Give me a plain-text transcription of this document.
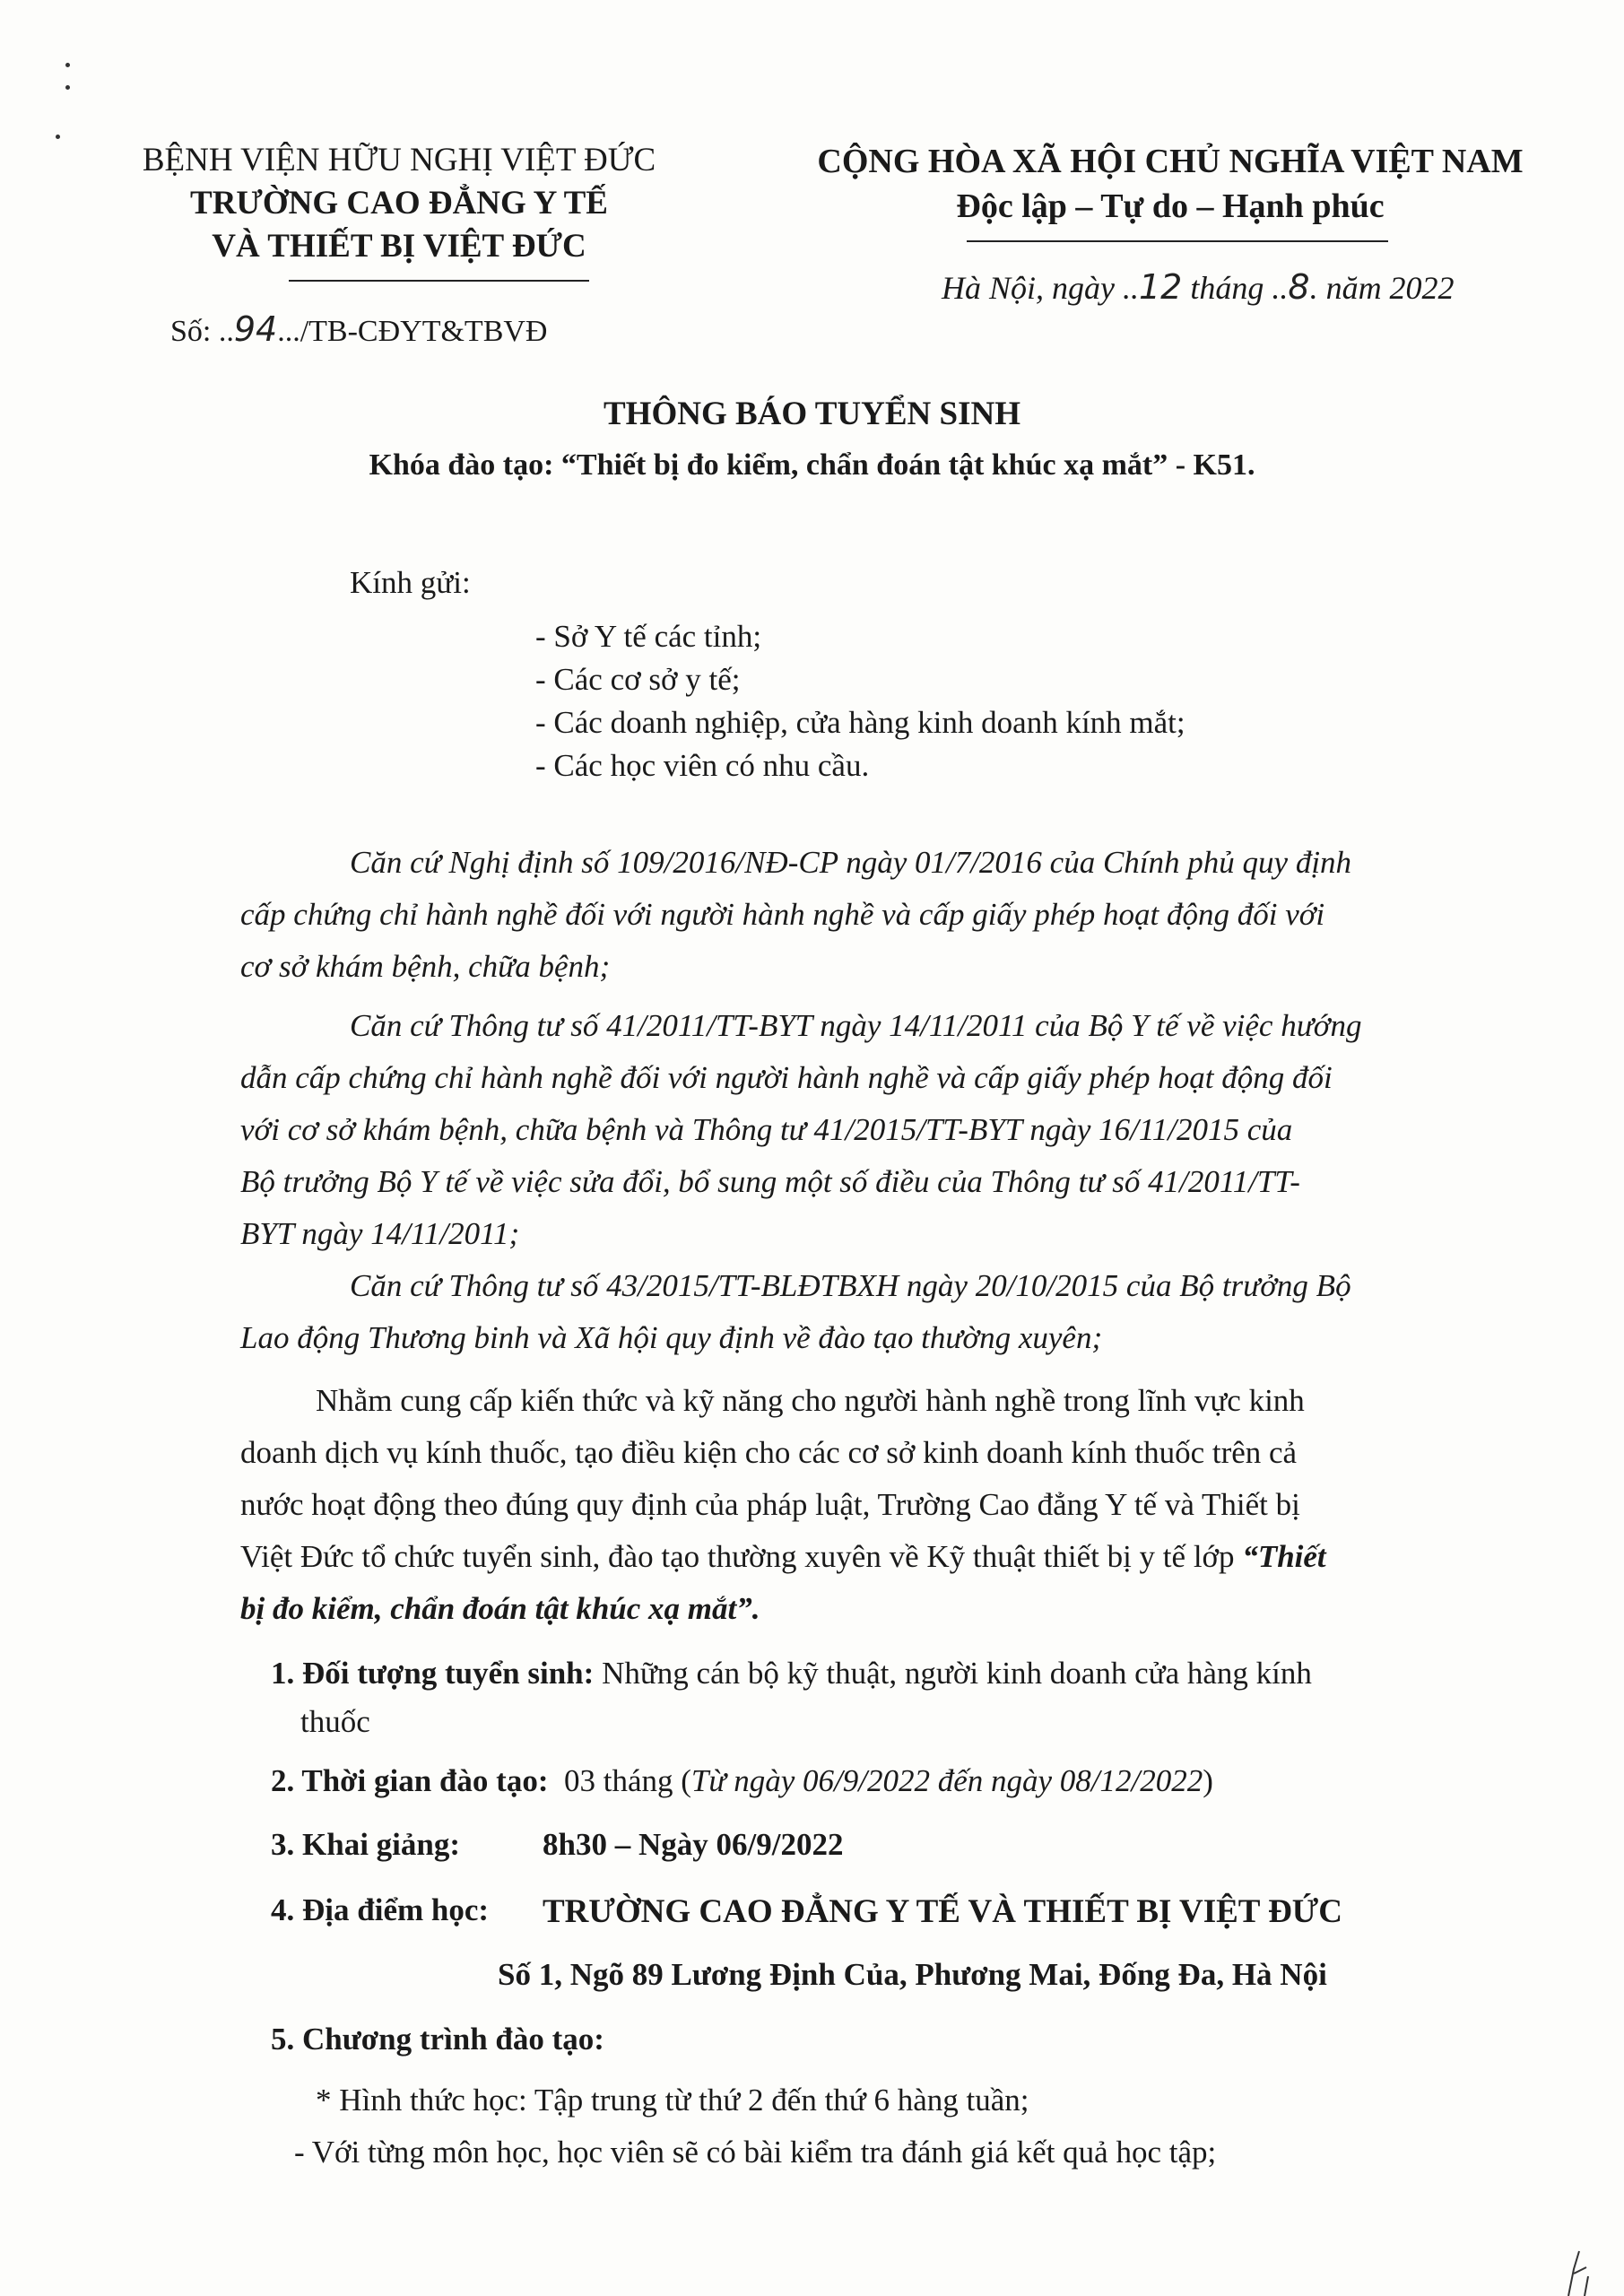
BỆNH VIỆN HỮU NGHỊ VIỆT ĐỨC
TRƯỜNG CAO ĐẲNG Y TẾ
VÀ THIẾT BỊ VIỆT ĐỨC
Số: ..94.../TB-CĐYT&TBVĐ
CỘNG HÒA XÃ HỘI CHỦ NGHĨA VIỆT NAM
Độc lập – Tự do – Hạnh phúc
Hà Nội, ngày ..12 tháng ..8. năm 2022
THÔNG BÁO TUYỂN SINH
Khóa đào tạo: “Thiết bị đo kiểm, chẩn đoán tật khúc xạ mắt” - K51.
Kính gửi:
- Sở Y tế các tỉnh;
- Các cơ sở y tế;
- Các doanh nghiệp, cửa hàng kinh doanh kính mắt;
- Các học viên có nhu cầu.
Căn cứ Nghị định số 109/2016/NĐ-CP ngày 01/7/2016 của Chính phủ quy định
cấp chứng chỉ hành nghề đối với người hành nghề và cấp giấy phép hoạt động đối với
cơ sở khám bệnh, chữa bệnh;
Căn cứ Thông tư số 41/2011/TT-BYT ngày 14/11/2011 của Bộ Y tế về việc hướng
dẫn cấp chứng chỉ hành nghề đối với người hành nghề và cấp giấy phép hoạt động đối
với cơ sở khám bệnh, chữa bệnh và Thông tư 41/2015/TT-BYT ngày 16/11/2015 của
Bộ trưởng Bộ Y tế về việc sửa đổi, bổ sung một số điều của Thông tư số 41/2011/TT-
BYT ngày 14/11/2011;
Căn cứ Thông tư số 43/2015/TT-BLĐTBXH ngày 20/10/2015 của Bộ trưởng Bộ
Lao động Thương binh và Xã hội quy định về đào tạo thường xuyên;
Nhằm cung cấp kiến thức và kỹ năng cho người hành nghề trong lĩnh vực kinh
doanh dịch vụ kính thuốc, tạo điều kiện cho các cơ sở kinh doanh kính thuốc trên cả
nước hoạt động theo đúng quy định của pháp luật, Trường Cao đẳng Y tế và Thiết bị
Việt Đức tổ chức tuyển sinh, đào tạo thường xuyên về Kỹ thuật thiết bị y tế lớp “Thiết
bị đo kiểm, chẩn đoán tật khúc xạ mắt”.
1. Đối tượng tuyển sinh: Những cán bộ kỹ thuật, người kinh doanh cửa hàng kính
thuốc
2. Thời gian đào tạo: 03 tháng (Từ ngày 06/9/2022 đến ngày 08/12/2022)
3. Khai giảng:	8h30 – Ngày 06/9/2022
4. Địa điểm học: TRƯỜNG CAO ĐẲNG Y TẾ VÀ THIẾT BỊ VIỆT ĐỨC
Số 1, Ngõ 89 Lương Định Của, Phương Mai, Đống Đa, Hà Nội
5. Chương trình đào tạo:
* Hình thức học: Tập trung từ thứ 2 đến thứ 6 hàng tuần;
- Với từng môn học, học viên sẽ có bài kiểm tra đánh giá kết quả học tập;
